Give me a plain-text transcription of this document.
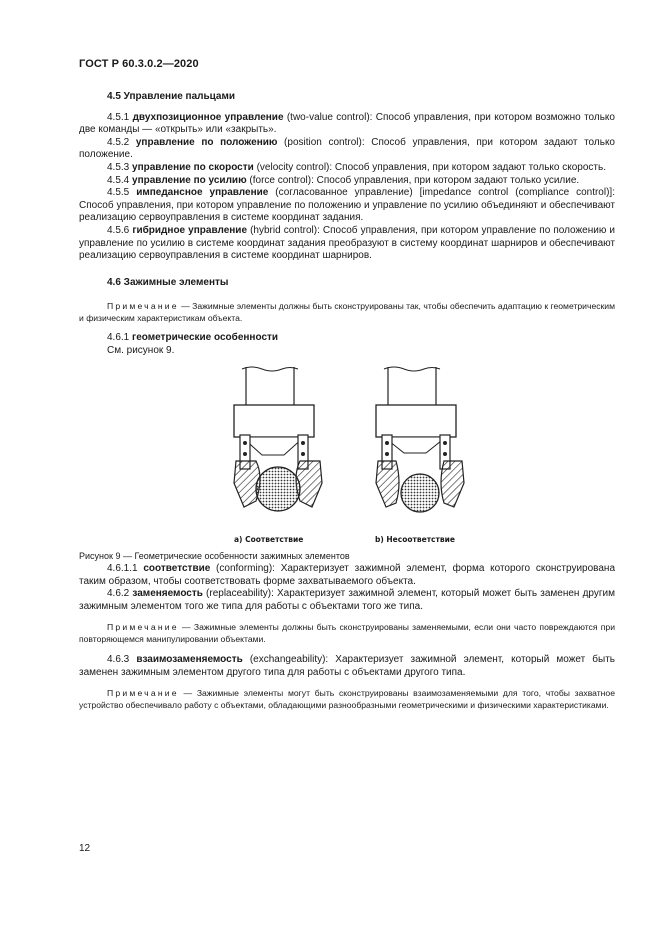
ГОСТ Р 60.3.0.2—2020

4.5 Управление пальцами

4.5.1 двухпозиционное управление (two-value control): Способ управления, при котором возможно только две команды — «открыть» или «закрыть».

4.5.2 управление по положению (position control): Способ управления, при котором задают только положение.

4.5.3 управление по скорости (velocity control): Способ управления, при котором задают только скорость.

4.5.4 управление по усилию (force control): Способ управления, при котором задают только усилие.

4.5.5 импедансное управление (согласованное управление) [impedance control (compliance control)]: Способ управления, при котором управление по положению и управление по усилию объединяют и обеспечивают реализацию сервоуправления в системе координат задания.

4.5.6 гибридное управление (hybrid control): Способ управления, при котором управление по положению и управление по усилию в системе координат задания преобразуют в систему координат шарниров и обеспечивают реализацию сервоуправления в системе координат шарниров.

4.6 Зажимные элементы

Примечание — Зажимные элементы должны быть сконструированы так, чтобы обеспечить адаптацию к геометрическим и физическим характеристикам объекта.

4.6.1 геометрические особенности

См. рисунок 9.

a) Соответствие	b) Несоответствие

Рисунок 9 — Геометрические особенности зажимных элементов

4.6.1.1 соответствие (conforming): Характеризует зажимной элемент, форма которого сконструирована таким образом, чтобы соответствовать форме захватываемого объекта.

4.6.2 заменяемость (replaceability): Характеризует зажимной элемент, который может быть заменен другим зажимным элементом того же типа для работы с объектами того же типа.

Примечание — Зажимные элементы должны быть сконструированы заменяемыми, если они часто повреждаются при повторяющемся манипулировании объектами.

4.6.3 взаимозаменяемость (exchangeability): Характеризует зажимной элемент, который может быть заменен зажимным элементом другого типа для работы с объектами другого типа.

Примечание — Зажимные элементы могут быть сконструированы взаимозаменяемыми для того, чтобы захватное устройство обеспечивало работу с объектами, обладающими разнообразными геометрическими и физическими характеристиками.

12
